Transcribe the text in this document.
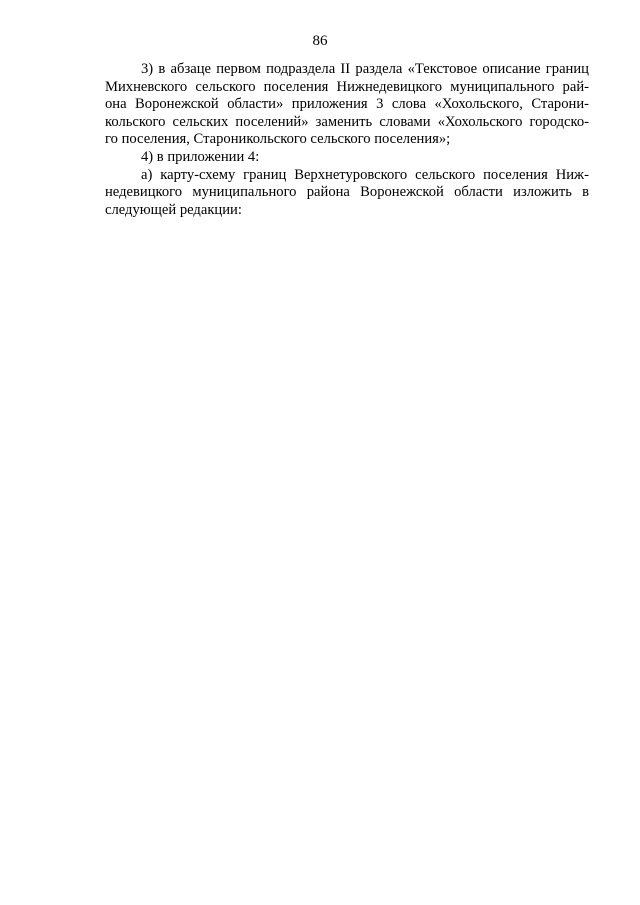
86
3) в абзаце первом подраздела II раздела «Текстовое описание границ
Михневского сельского поселения Нижнедевицкого муниципального рай-
она Воронежской области» приложения 3 слова «Хохольского, Старони-
кольского сельских поселений» заменить словами «Хохольского городско-
го поселения, Староникольского сельского поселения»;
4) в приложении 4:
а) карту-схему границ Верхнетуровского сельского поселения Ниж-
недевицкого муниципального района Воронежской области изложить в
следующей редакции:
